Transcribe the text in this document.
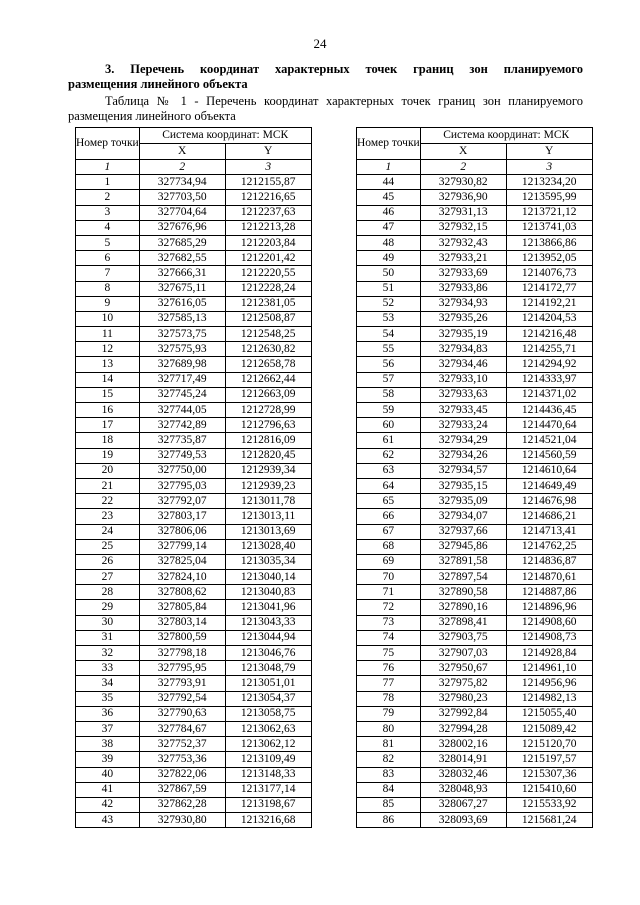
24
3. Перечень координат характерных точек границ зон планируемого
размещения линейного объекта
Таблица № 1 - Перечень координат характерных точек границ зон планируемого
размещения линейного объекта
Номер точки	Система координат: МСК	
	X	Y
1	2	3
1	327734,94	1212155,87
2	327703,50	1212216,65
3	327704,64	1212237,63
4	327676,96	1212213,28
5	327685,29	1212203,84
6	327682,55	1212201,42
7	327666,31	1212220,55
8	327675,11	1212228,24
9	327616,05	1212381,05
10	327585,13	1212508,87
11	327573,75	1212548,25
12	327575,93	1212630,82
13	327689,98	1212658,78
14	327717,49	1212662,44
15	327745,24	1212663,09
16	327744,05	1212728,99
17	327742,89	1212796,63
18	327735,87	1212816,09
19	327749,53	1212820,45
20	327750,00	1212939,34
21	327795,03	1212939,23
22	327792,07	1213011,78
23	327803,17	1213013,11
24	327806,06	1213013,69
25	327799,14	1213028,40
26	327825,04	1213035,34
27	327824,10	1213040,14
28	327808,62	1213040,83
29	327805,84	1213041,96
30	327803,14	1213043,33
31	327800,59	1213044,94
32	327798,18	1213046,76
33	327795,95	1213048,79
34	327793,91	1213051,01
35	327792,54	1213054,37
36	327790,63	1213058,75
37	327784,67	1213062,63
38	327752,37	1213062,12
39	327753,36	1213109,49
40	327822,06	1213148,33
41	327867,59	1213177,14
42	327862,28	1213198,67
43	327930,80	1213216,68
Номер точки	Система координат: МСК	
	X	Y
1	2	3
44	327930,82	1213234,20
45	327936,90	1213595,99
46	327931,13	1213721,12
47	327932,15	1213741,03
48	327932,43	1213866,86
49	327933,21	1213952,05
50	327933,69	1214076,73
51	327933,86	1214172,77
52	327934,93	1214192,21
53	327935,26	1214204,53
54	327935,19	1214216,48
55	327934,83	1214255,71
56	327934,46	1214294,92
57	327933,10	1214333,97
58	327933,63	1214371,02
59	327933,45	1214436,45
60	327933,24	1214470,64
61	327934,29	1214521,04
62	327934,26	1214560,59
63	327934,57	1214610,64
64	327935,15	1214649,49
65	327935,09	1214676,98
66	327934,07	1214686,21
67	327937,66	1214713,41
68	327945,86	1214762,25
69	327891,58	1214836,87
70	327897,54	1214870,61
71	327890,58	1214887,86
72	327890,16	1214896,96
73	327898,41	1214908,60
74	327903,75	1214908,73
75	327907,03	1214928,84
76	327950,67	1214961,10
77	327975,82	1214956,96
78	327980,23	1214982,13
79	327992,84	1215055,40
80	327994,28	1215089,42
81	328002,16	1215120,70
82	328014,91	1215197,57
83	328032,46	1215307,36
84	328048,93	1215410,60
85	328067,27	1215533,92
86	328093,69	1215681,24
